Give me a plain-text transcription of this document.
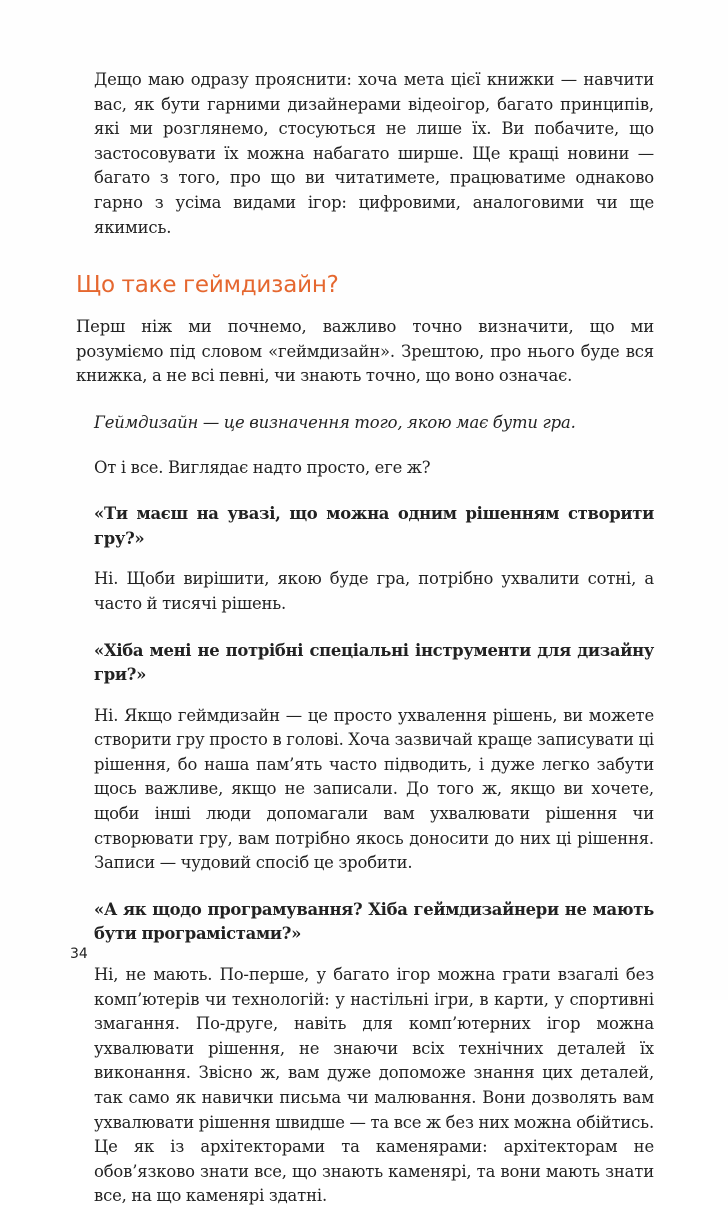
Дещо маю одразу прояснити: хоча мета цієї книжки — навчити вас, як бути гарними дизайнерами відеоігор, багато принципів, які ми розглянемо, стосуються не лише їх. Ви побачите, що застосовувати їх можна набагато ширше. Ще кращі новини — багато з того, про що ви читатимете, працюватиме однаково гарно з усіма видами ігор: цифровими, аналоговими чи ще якимись.

Що таке геймдизайн?

Перш ніж ми почнемо, важливо точно визначити, що ми розуміємо під словом «геймдизайн». Зрештою, про нього буде вся книжка, а не всі певні, чи знають точно, що воно означає.

Геймдизайн — це визначення того, якою має бути гра.

От і все. Виглядає надто просто, еге ж?

«Ти маєш на увазі, що можна одним рішенням створити гру?»

Ні. Щоби вирішити, якою буде гра, потрібно ухвалити сотні, а часто й тисячі рішень.

«Хіба мені не потрібні спеціальні інструменти для дизайну гри?»

Ні. Якщо геймдизайн — це просто ухвалення рішень, ви можете створити гру просто в голові. Хоча зазвичай краще записувати ці рішення, бо наша пам’ять часто підводить, і дуже легко забути щось важливе, якщо не записали. До того ж, якщо ви хочете, щоби інші люди допомагали вам ухвалювати рішення чи створювати гру, вам потрібно якось доносити до них ці рішення. Записи — чудовий спосіб це зробити.

«А як щодо програмування? Хіба геймдизайнери не мають бути програмістами?»

Ні, не мають. По-перше, у багато ігор можна грати взагалі без комп’ютерів чи технологій: у настільні ігри, в карти, у спортивні змагання. По-друге, навіть для комп’ютерних ігор можна ухвалювати рішення, не знаючи всіх технічних деталей їх виконання. Звісно ж, вам дуже допоможе знання цих деталей, так само як навички письма чи малювання. Вони дозволять вам ухвалювати рішення швидше — та все ж без них можна обійтись. Це як із архітекторами та каменярами: архітекторам не обов’язково знати все, що знають каменярі, та вони мають знати все, на що каменярі здатні.

34
